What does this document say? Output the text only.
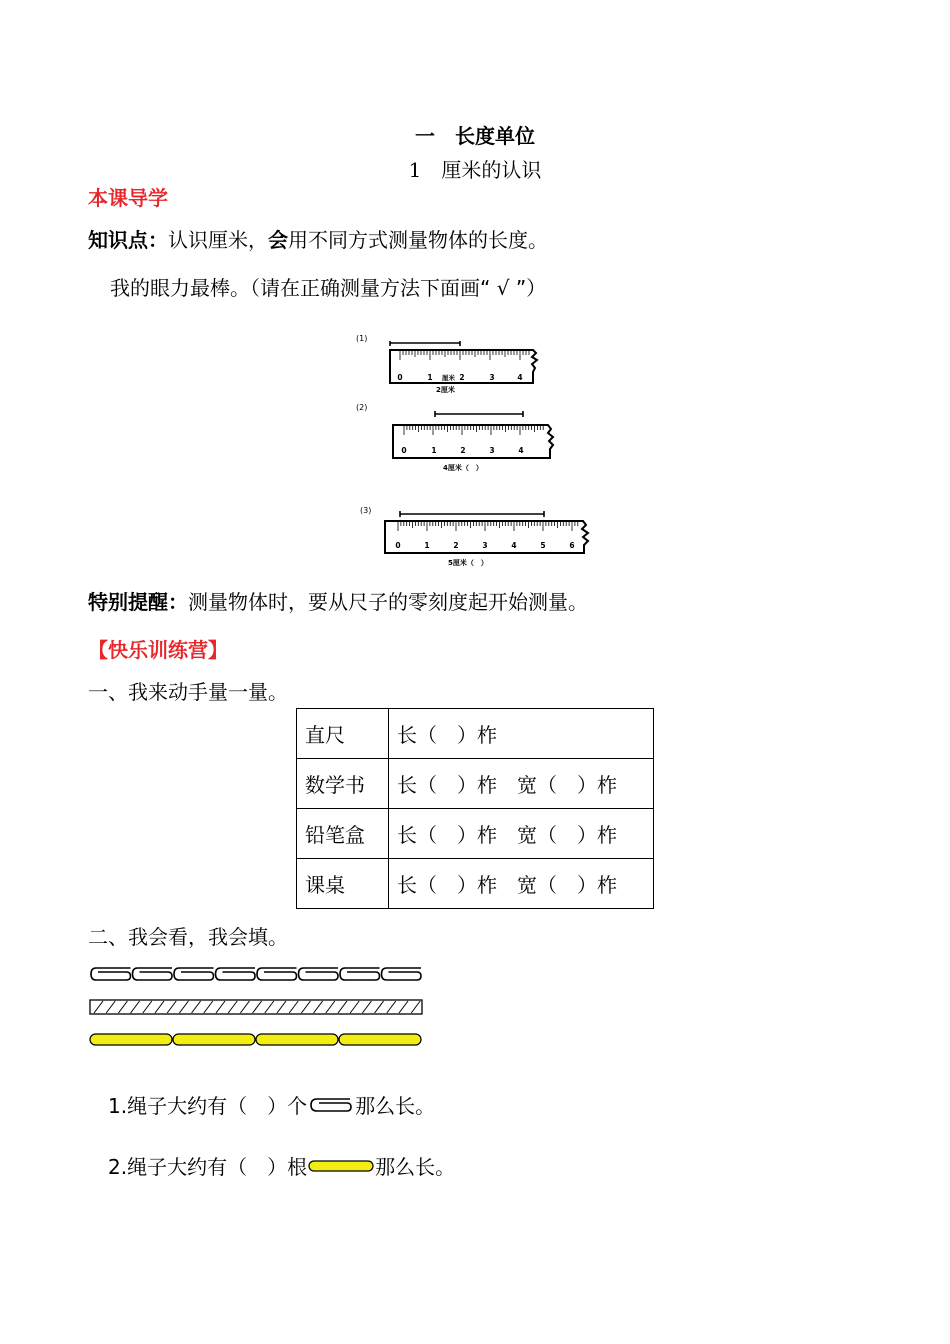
一　长度单位
1　厘米的认识
本课导学
知识点：认识厘米，会用不同方式测量物体的长度。
我的眼力最棒。（请在正确测量方法下面画“ √ ”）
(1)
0	1 厘米 2	3	4
2厘米
(2)
0	1	2	3	4
4厘米（　）
(3)
0	1	2	3	4	5	6
5厘米（　）
特别提醒：测量物体时，要从尺子的零刻度起开始测量。
【快乐训练营】
一、我来动手量一量。
直尺	长（　）柞
数学书	长（　）柞　宽（　）柞
铅笔盒	长（　）柞　宽（　）柞
课桌	长（　）柞　宽（　）柞
二、我会看，我会填。
1.绳子大约有（　）个 那么长。
2.绳子大约有（　）根	那么长。
